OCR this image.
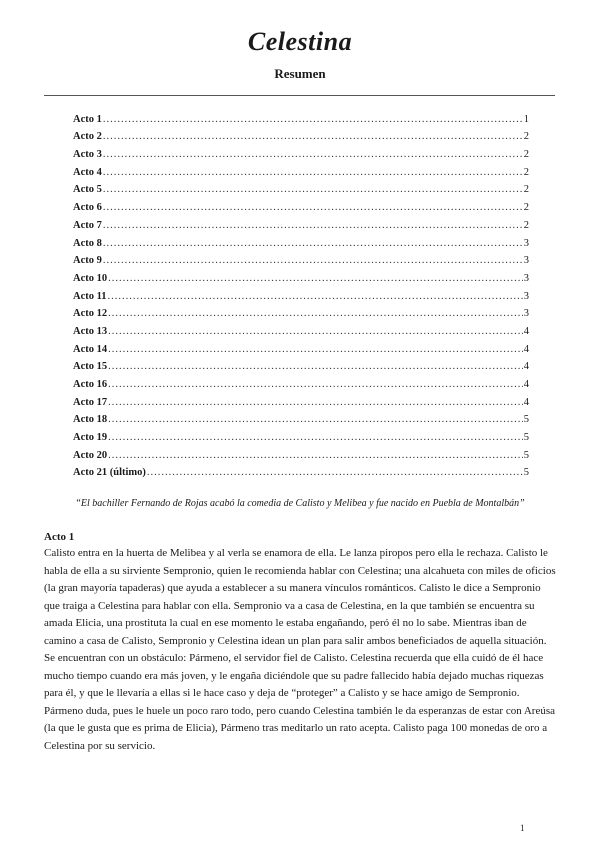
Celestina
Resumen
Acto 1 .....	1
Acto 2 .....	2
Acto 3 .....	2
Acto 4 .....	2
Acto 5 .....	2
Acto 6 .....	2
Acto 7 .....	2
Acto 8 .....	3
Acto 9 .....	3
Acto 10 .....	3
Acto 11 .....	3
Acto 12 .....	3
Acto 13 .....	4
Acto 14 .....	4
Acto 15 .....	4
Acto 16 .....	4
Acto 17 .....	4
Acto 18 .....	5
Acto 19 .....	5
Acto 20 .....	5
Acto 21 (último) .....	5

“El bachiller Fernando de Rojas acabó la comedia de Calisto y Melibea y fue nacido en Puebla de Montalbán”

Acto 1

Calisto entra en la huerta de Melibea y al verla se enamora de ella. Le lanza piropos pero ella le rechaza. Calisto le habla de ella a su sirviente Sempronio, quien le recomienda hablar con Celestina; una alcahueta con miles de oficios (la gran mayoría tapaderas) que ayuda a establecer a su manera vínculos románticos. Calisto le dice a Sempronio que traiga a Celestina para hablar con ella. Sempronio va a casa de Celestina, en la que también se encuentra su amada Elicia, una prostituta la cual en ese momento le estaba engañando, peró él no lo sabe. Mientras iban de camino a casa de Calisto, Sempronio y Celestina idean un plan para salir ambos beneficiados de aquella situación. Se encuentran con un obstáculo: Pármeno, el servidor fiel de Calisto. Celestina recuerda que ella cuidó de él hace mucho tiempo cuando era más joven, y le engaña diciéndole que su padre fallecido había dejado muchas riquezas para él, y que le llevaría a ellas si le hace caso y deja de “proteger” a Calisto y se hace amigo de Sempronio. Pármeno duda, pues le huele un poco raro todo, pero cuando Celestina también le da esperanzas de estar con Areúsa (la que le gusta que es prima de Elicia), Pármeno tras meditarlo un rato acepta. Calisto paga 100 monedas de oro a Celestina por su servicio.

1
